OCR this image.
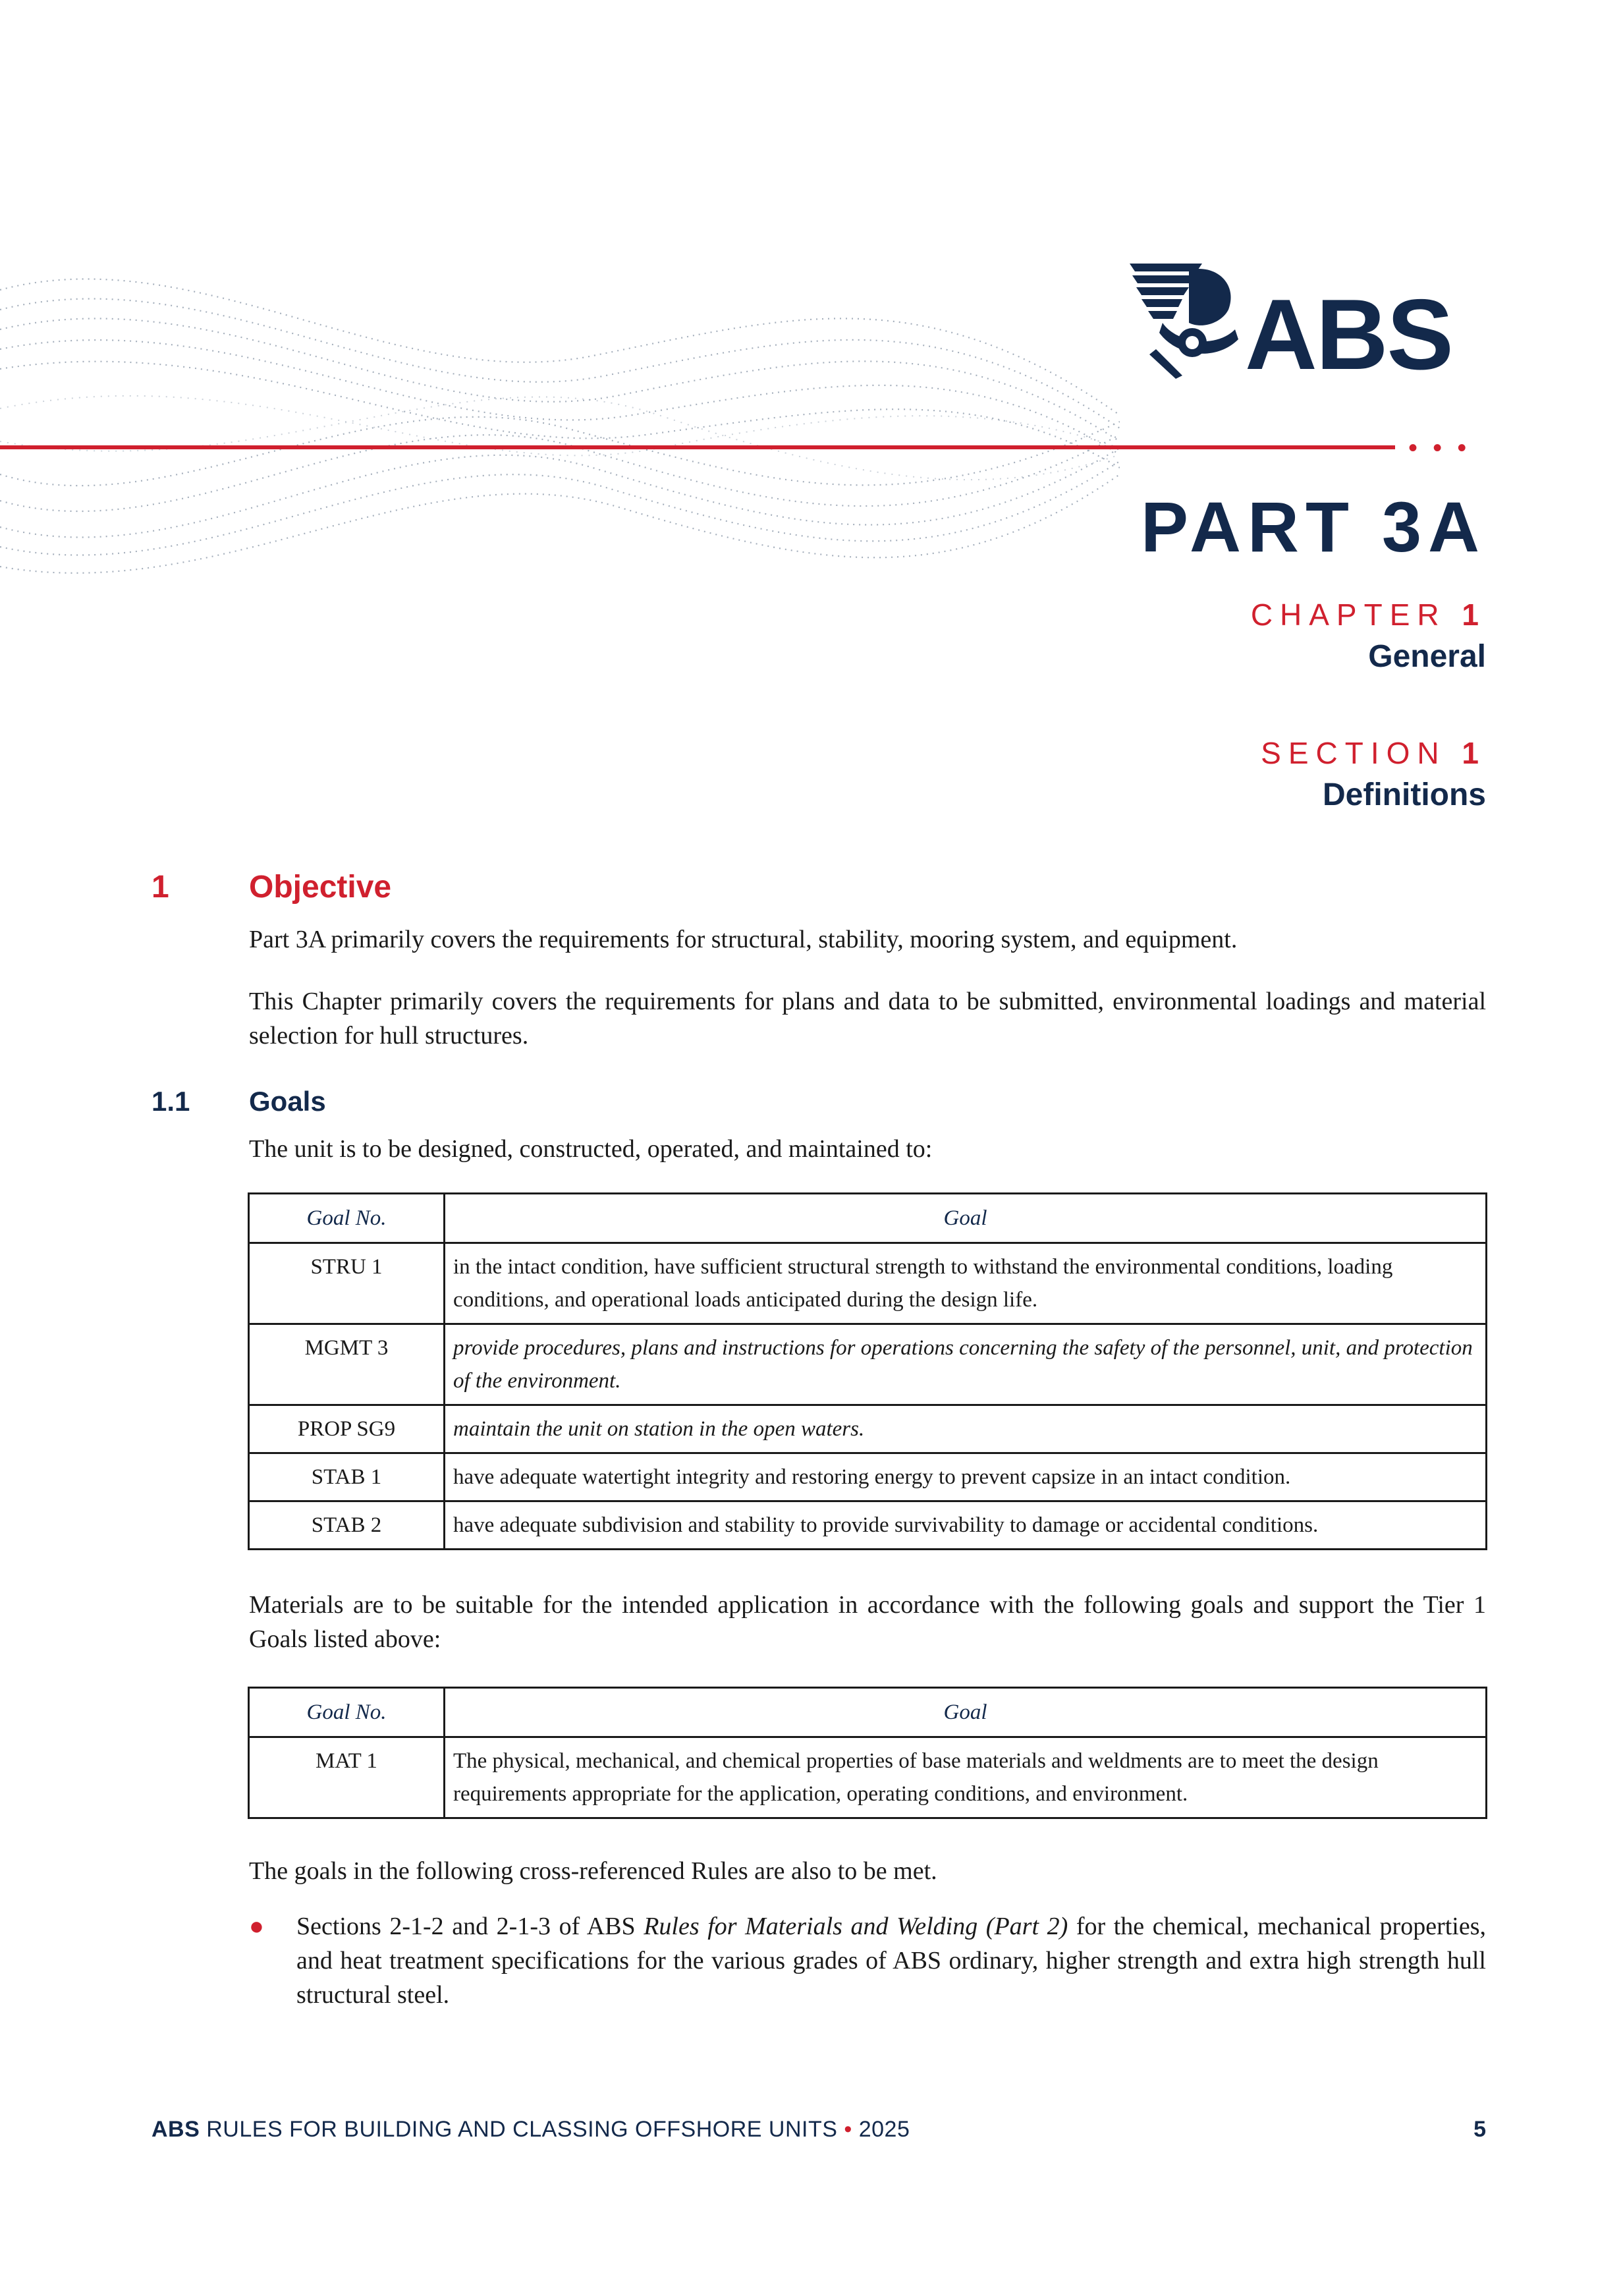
• • •
ABS
PART 3A
CHAPTER 1
General
SECTION 1
Definitions
1	Objective

Part 3A primarily covers the requirements for structural, stability, mooring system, and equipment.

This Chapter primarily covers the requirements for plans and data to be submitted, environmental loadings and material selection for hull structures.

1.1 Goals

The unit is to be designed, constructed, operated, and maintained to:

Goal No.	Goal
STRU 1	in the intact condition, have sufficient structural strength to withstand the environmental conditions, loading conditions, and operational loads anticipated during the design life.
MGMT 3	provide procedures, plans and instructions for operations concerning the safety of the personnel, unit, and protection of the environment.
PROP SG9	maintain the unit on station in the open waters.
STAB 1	have adequate watertight integrity and restoring energy to prevent capsize in an intact condition.
STAB 2	have adequate subdivision and stability to provide survivability to damage or accidental conditions.

Materials are to be suitable for the intended application in accordance with the following goals and support the Tier 1 Goals listed above:

Goal No.	Goal
MAT 1	The physical, mechanical, and chemical properties of base materials and weldments are to meet the design requirements appropriate for the application, operating conditions, and environment.

The goals in the following cross-referenced Rules are also to be met.

● Sections 2-1-2 and 2-1-3 of ABS Rules for Materials and Welding (Part 2) for the chemical, mechanical properties, and heat treatment specifications for the various grades of ABS ordinary, higher strength and extra high strength hull structural steel.

ABS RULES FOR BUILDING AND CLASSING OFFSHORE UNITS • 2025	5
